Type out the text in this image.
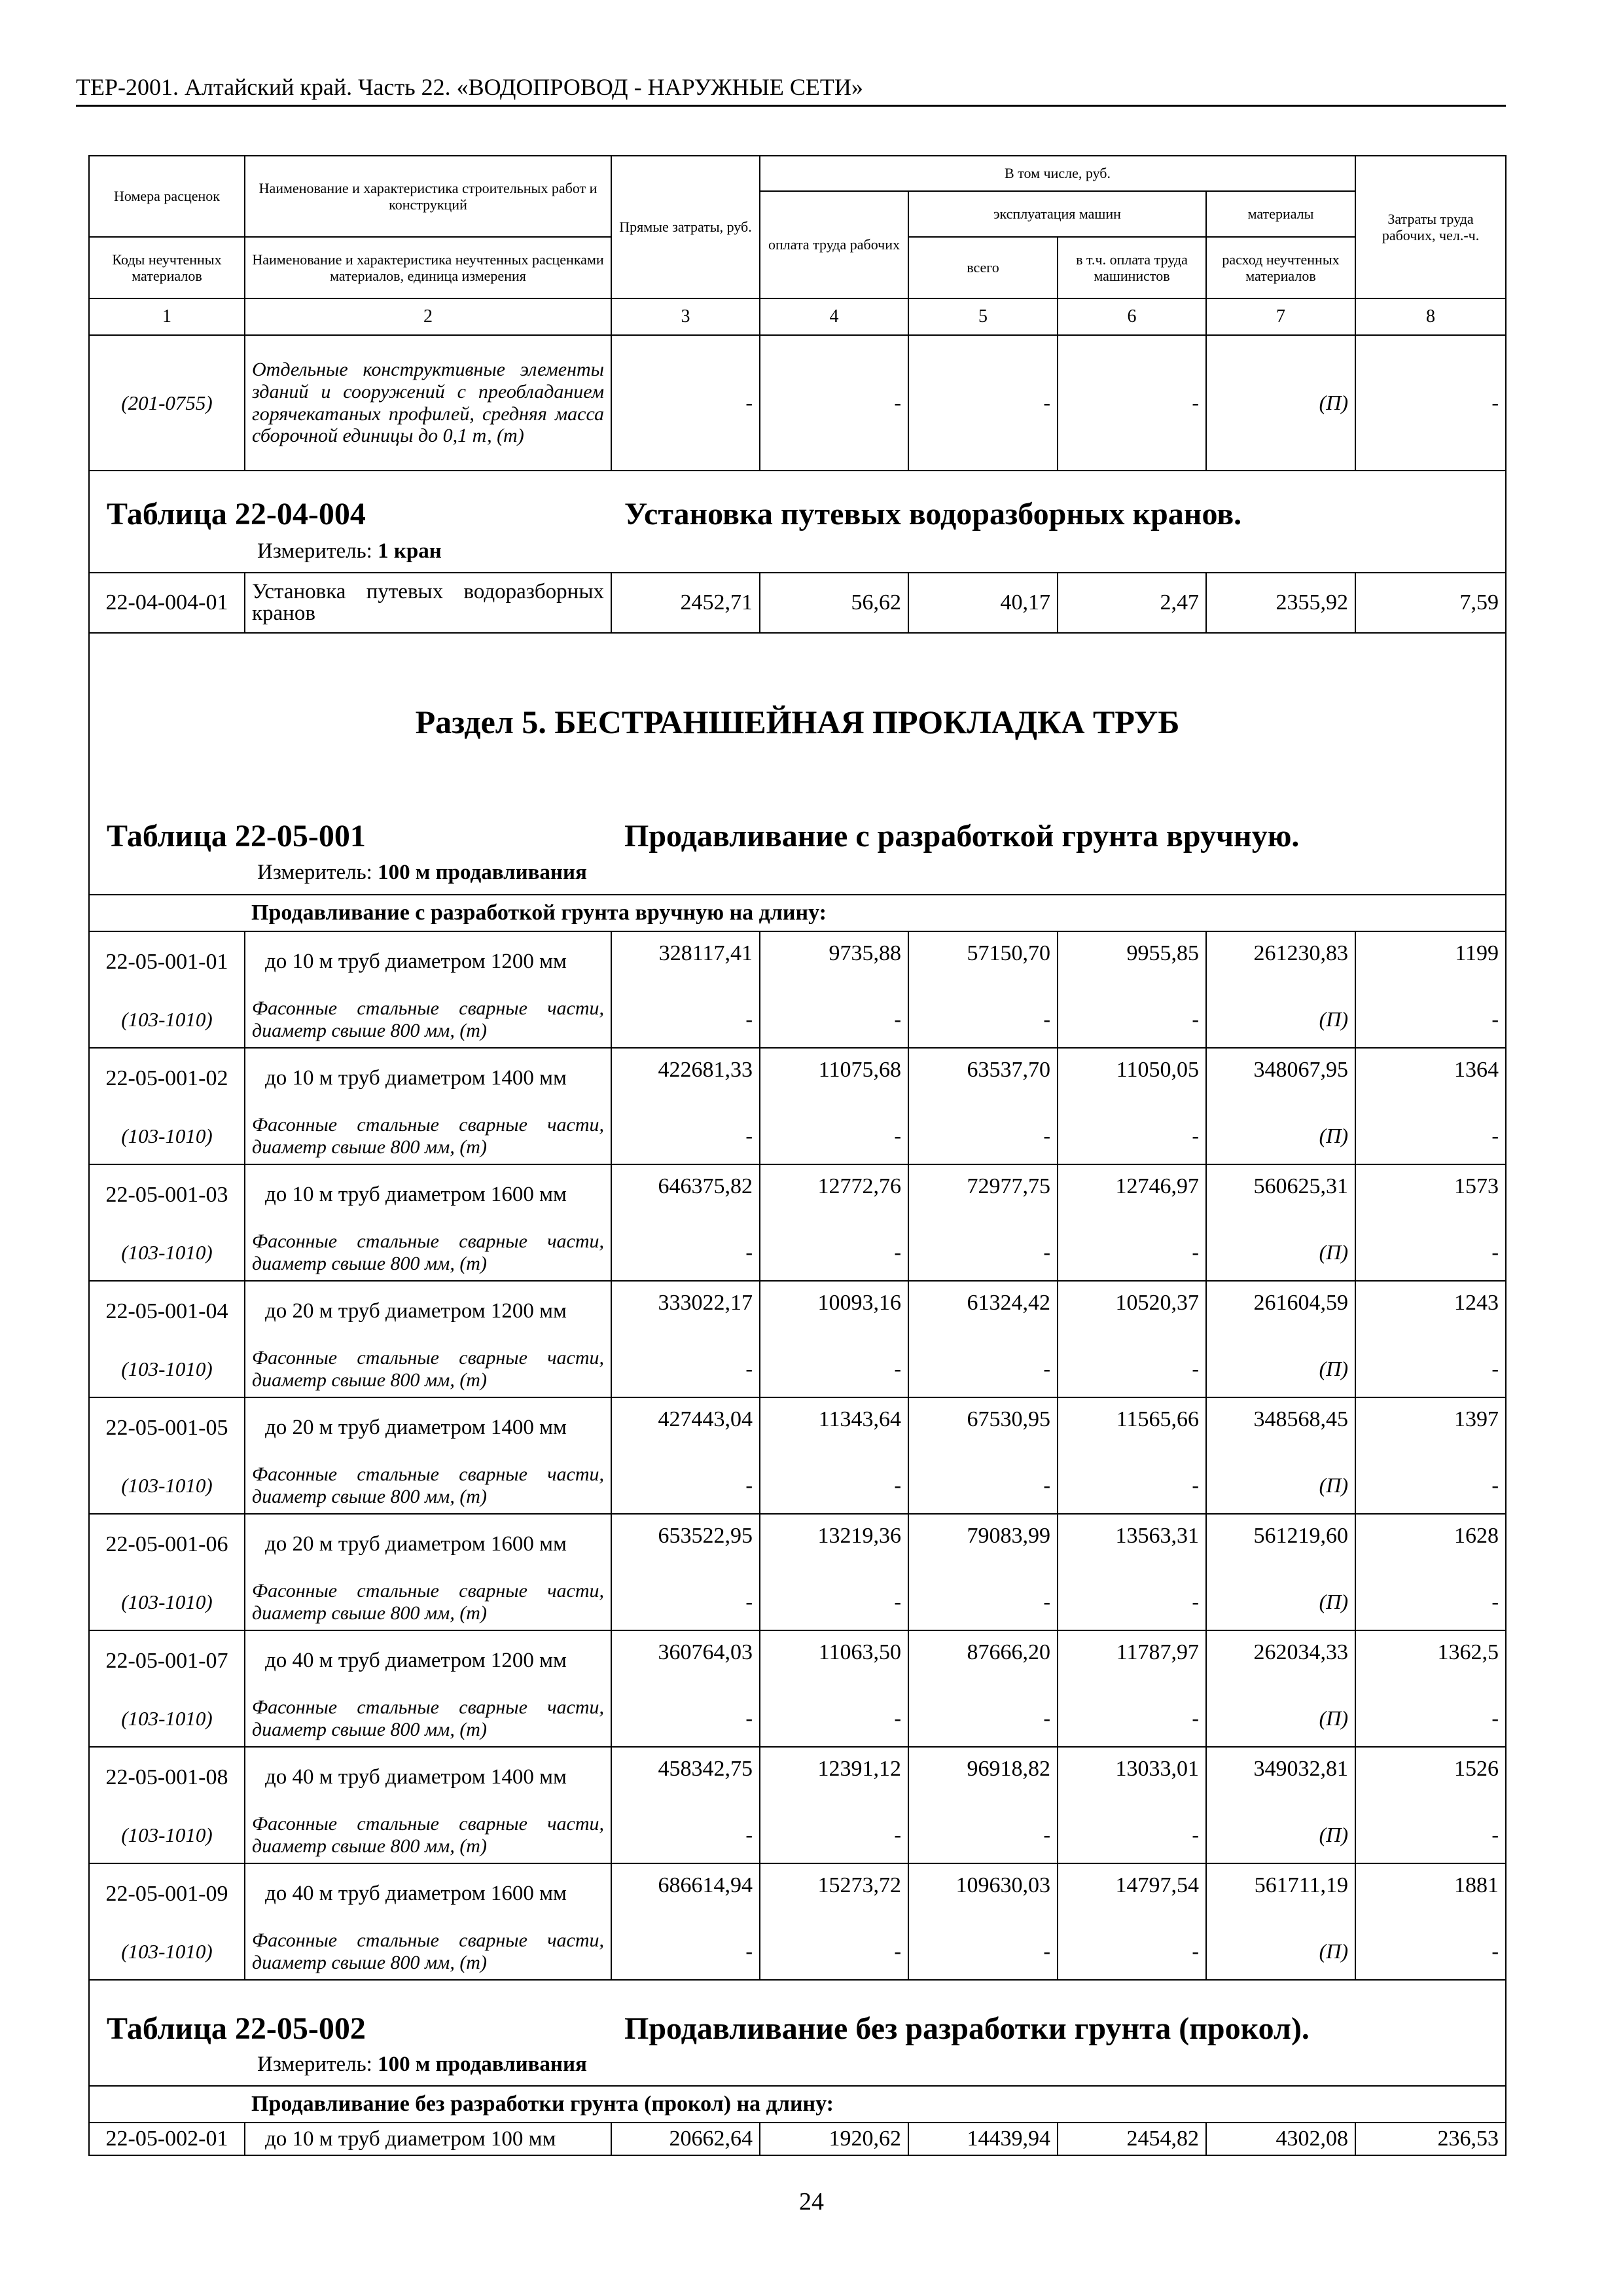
ТЕР-2001. Алтайский край. Часть 22. «ВОДОПРОВОД - НАРУЖНЫЕ СЕТИ»
Номера расценок	Наименование и характеристика строительных работ и конструкций	Прямые затраты, руб.	В том числе, руб.				Затраты труда рабочих, чел.-ч.
			оплата труда рабочих	эксплуатация машин		материалы	
Коды неучтенных материалов	Наименование и характеристика неучтенных расценками материалов, единица измерения			всего	в т.ч. оплата труда машинистов	расход неучтенных материалов	
1	2	3	4	5	6	7	8
(201-0755)	Отдельные конструктивные элементы зданий и сооружений с преобладанием горячекатаных профилей, средняя масса сборочной единицы до 0,1 т, (т)	-	-	-	-	(П)	-

Таблица 22-04-004 Установка путевых водоразборных кранов.
Измеритель: 1 кран							

22-04-004-01	Установка путевых водоразборных кранов	2452,71	56,62	40,17	2,47	2355,92	7,59

Раздел 5. БЕСТРАНШЕЙНАЯ ПРОКЛАДКА ТРУБ
Таблица 22-05-001 Продавливание с разработкой грунта вручную.
Измеритель: 100 м продавливания							

	Продавливание с разработкой грунта вручную на длину:						
22-05-001-01	до 10 м труб диаметром 1200 мм	328117,41	9735,88	57150,70	9955,85	261230,83	1199
(103-1010)	Фасонные стальные сварные части, диаметр свыше 800 мм, (т)	-	-	-	-	(П)	-
22-05-001-02	до 10 м труб диаметром 1400 мм	422681,33	11075,68	63537,70	11050,05	348067,95	1364
(103-1010)	Фасонные стальные сварные части, диаметр свыше 800 мм, (т)	-	-	-	-	(П)	-
22-05-001-03	до 10 м труб диаметром 1600 мм	646375,82	12772,76	72977,75	12746,97	560625,31	1573
(103-1010)	Фасонные стальные сварные части, диаметр свыше 800 мм, (т)	-	-	-	-	(П)	-
22-05-001-04	до 20 м труб диаметром 1200 мм	333022,17	10093,16	61324,42	10520,37	261604,59	1243
(103-1010)	Фасонные стальные сварные части, диаметр свыше 800 мм, (т)	-	-	-	-	(П)	-
22-05-001-05	до 20 м труб диаметром 1400 мм	427443,04	11343,64	67530,95	11565,66	348568,45	1397
(103-1010)	Фасонные стальные сварные части, диаметр свыше 800 мм, (т)	-	-	-	-	(П)	-
22-05-001-06	до 20 м труб диаметром 1600 мм	653522,95	13219,36	79083,99	13563,31	561219,60	1628
(103-1010)	Фасонные стальные сварные части, диаметр свыше 800 мм, (т)	-	-	-	-	(П)	-
22-05-001-07	до 40 м труб диаметром 1200 мм	360764,03	11063,50	87666,20	11787,97	262034,33	1362,5
(103-1010)	Фасонные стальные сварные части, диаметр свыше 800 мм, (т)	-	-	-	-	(П)	-
22-05-001-08	до 40 м труб диаметром 1400 мм	458342,75	12391,12	96918,82	13033,01	349032,81	1526
(103-1010)	Фасонные стальные сварные части, диаметр свыше 800 мм, (т)	-	-	-	-	(П)	-
22-05-001-09	до 40 м труб диаметром 1600 мм	686614,94	15273,72	109630,03	14797,54	561711,19	1881
(103-1010)	Фасонные стальные сварные части, диаметр свыше 800 мм, (т)	-	-	-	-	(П)	-

Таблица 22-05-002 Продавливание без разработки грунта (прокол).
Измеритель: 100 м продавливания							

	Продавливание без разработки грунта (прокол) на длину:						
22-05-002-01	до 10 м труб диаметром 100 мм	20662,64	1920,62	14439,94	2454,82	4302,08	236,53
24
